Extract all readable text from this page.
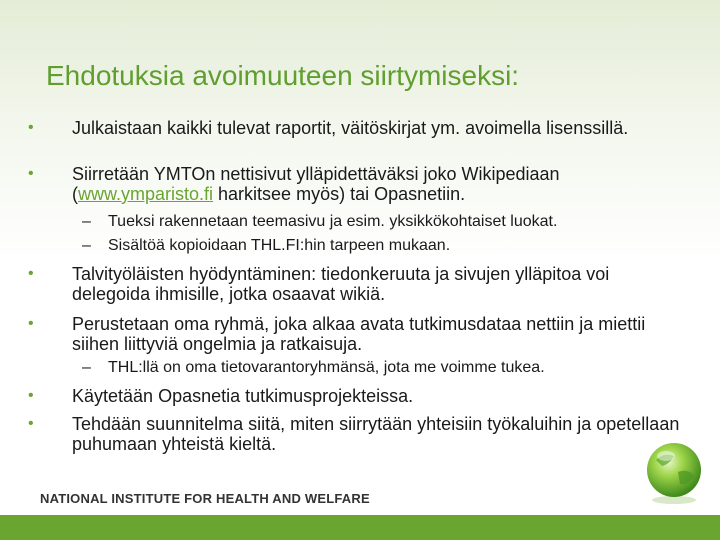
Ehdotuksia avoimuuteen siirtymiseksi:
• Julkaistaan kaikki tulevat raportit, väitöskirjat ym. avoimella lisenssillä.
• Siirretään YMTOn nettisivut ylläpidettäväksi joko Wikipediaan (www.ymparisto.fi harkitsee myös) tai Opasnetiin.
– Tueksi rakennetaan teemasivu ja esim. yksikkökohtaiset luokat.
– Sisältöä kopioidaan THL.FI:hin tarpeen mukaan.
• Talvityöläisten hyödyntäminen: tiedonkeruuta ja sivujen ylläpitoa voi delegoida ihmisille, jotka osaavat wikiä.
• Perustetaan oma ryhmä, joka alkaa avata tutkimusdataa nettiin ja miettii siihen liittyviä ongelmia ja ratkaisuja.
– THL:llä on oma tietovarantoryhmänsä, jota me voimme tukea.
• Käytetään Opasnetia tutkimusprojekteissa.
• Tehdään suunnitelma siitä, miten siirrytään yhteisiin työkaluihin ja opetellaan puhumaan yhteistä kieltä.
NATIONAL INSTITUTE FOR HEALTH AND WELFARE
